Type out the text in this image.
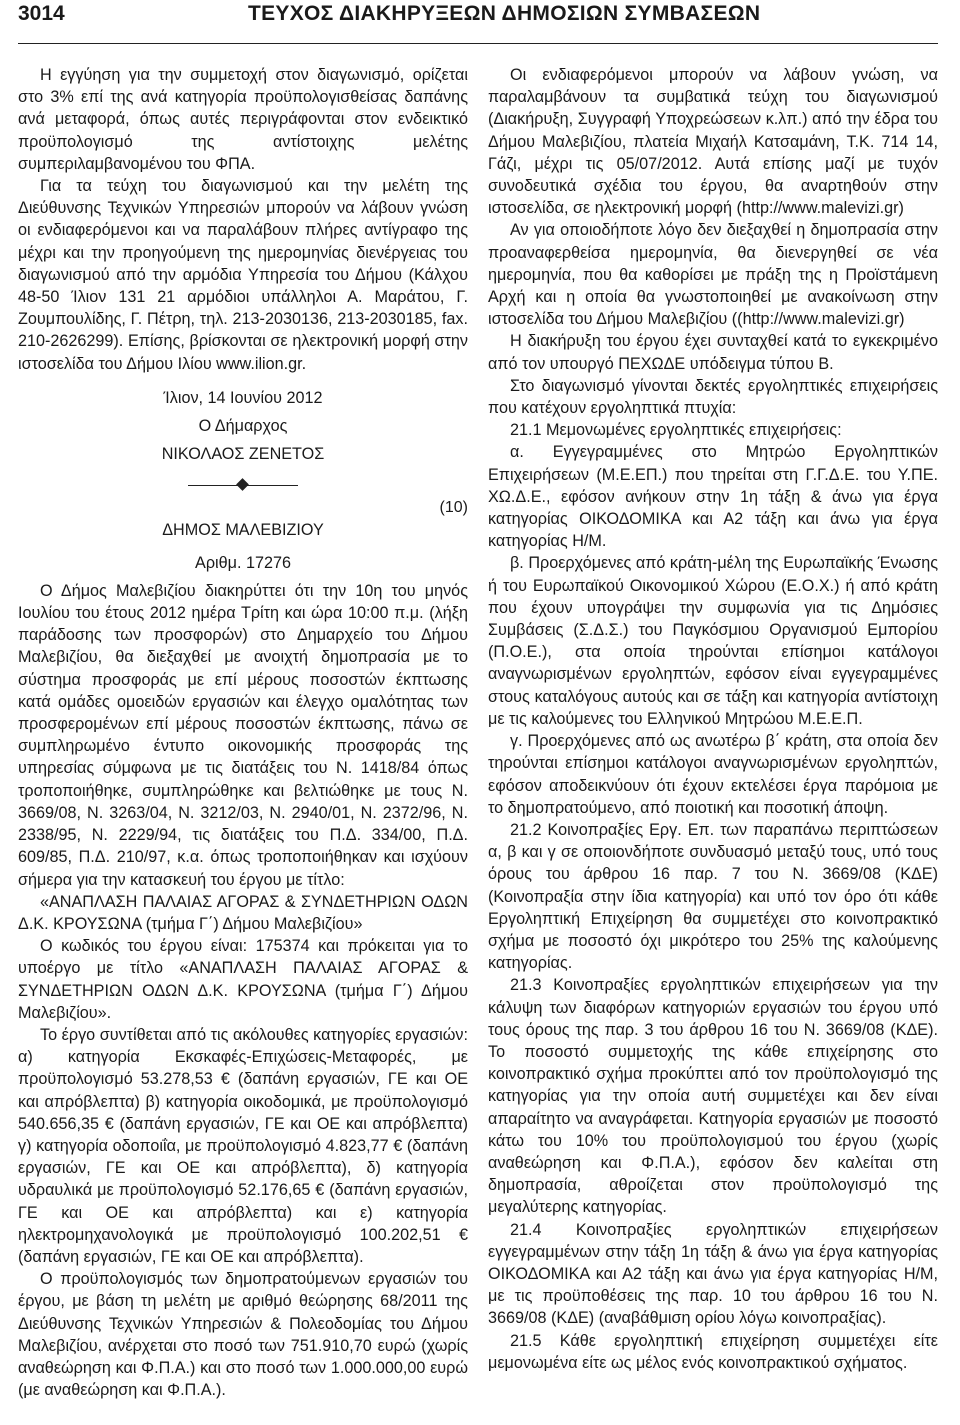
3014	ΤΕΥΧΟΣ ΔΙΑΚΗΡΥΞΕΩΝ ΔΗΜΟΣΙΩΝ ΣΥΜΒΑΣΕΩΝ

Η εγγύηση για την συμμετοχή στον διαγωνισμό, ορίζεται στο 3% επί της ανά κατηγορία προϋπολογισθείσας δαπάνης ανά μεταφορά, όπως αυτές περιγράφονται στον ενδεικτικό προϋπολογισμό της αντίστοιχης μελέτης συμπεριλαμβανομένου του ΦΠΑ.

Για τα τεύχη του διαγωνισμού και την μελέτη της Διεύθυνσης Τεχνικών Υπηρεσιών μπορούν να λάβουν γνώση οι ενδιαφερόμενοι και να παραλάβουν πλήρες αντίγραφο της μέχρι και την προηγούμενη της ημερομηνίας διενέργειας του διαγωνισμού από την αρμόδια Υπηρεσία του Δήμου (Κάλχου 48-50 Ίλιον 131 21 αρμόδιοι υπάλληλοι Α. Μαράτου, Γ. Ζουμπουλίδης, Γ. Πέτρη, τηλ. 213-2030136, 213-2030185, fax. 210-2626299). Επίσης, βρίσκονται σε ηλεκτρονική μορφή στην ιστοσελίδα του Δήμου Ιλίου www.ilion.gr.

Ίλιον, 14 Ιουνίου 2012

Ο Δήμαρχος

ΝΙΚΟΛΑΟΣ ΖΕΝΕΤΟΣ

(10)

ΔΗΜΟΣ ΜΑΛΕΒΙΖΙΟΥ

Αριθμ. 17276

Ο Δήμος Μαλεβιζίου διακηρύττει ότι την 10η του μηνός Ιουλίου του έτους 2012 ημέρα Τρίτη και ώρα 10:00 π.μ. (λήξη παράδοσης των προσφορών) στο Δημαρχείο του Δήμου Μαλεβιζίου, θα διεξαχθεί με ανοιχτή δημοπρασία με το σύστημα προσφοράς με επί μέρους ποσοστών έκπτωσης κατά ομάδες ομοειδών εργασιών και έλεγχο ομαλότητας των προσφερομένων επί μέρους ποσοστών έκπτωσης, πάνω σε συμπληρωμένο έντυπο οικονομικής προσφοράς της υπηρεσίας σύμφωνα με τις διατάξεις του Ν. 1418/84 όπως τροποποιήθηκε, συμπληρώθηκε και βελτιώθηκε με τους Ν. 3669/08, Ν. 3263/04, Ν. 3212/03, Ν. 2940/01, Ν. 2372/96, Ν. 2338/95, Ν. 2229/94, τις διατάξεις του Π.Δ. 334/00, Π.Δ. 609/85, Π.Δ. 210/97, κ.α. όπως τροποποιήθηκαν και ισχύουν σήμερα για την κατασκευή του έργου με τίτλο:

«ΑΝΑΠΛΑΣΗ ΠΑΛΑΙΑΣ ΑΓΟΡΑΣ & ΣΥΝΔΕΤΗΡΙΩΝ ΟΔΩΝ Δ.Κ. ΚΡΟΥΣΩΝΑ (τμήμα Γ΄) Δήμου Μαλεβιζίου»

Ο κωδικός του έργου είναι: 175374 και πρόκειται για το υποέργο με τίτλο «ΑΝΑΠΛΑΣΗ ΠΑΛΑΙΑΣ ΑΓΟΡΑΣ & ΣΥΝΔΕΤΗΡΙΩΝ ΟΔΩΝ Δ.Κ. ΚΡΟΥΣΩΝΑ (τμήμα Γ΄) Δήμου Μαλεβιζίου».

Το έργο συντίθεται από τις ακόλουθες κατηγορίες εργασιών: α) κατηγορία Εκσκαφές-Επιχώσεις-Μεταφορές, με προϋπολογισμό 53.278,53 € (δαπάνη εργασιών, ΓΕ και ΟΕ και απρόβλεπτα) β) κατηγορία οικοδομικά, με προϋπολογισμό 540.656,35 € (δαπάνη εργασιών, ΓΕ και ΟΕ και απρόβλεπτα) γ) κατηγορία οδοποιΐα, με προϋπολογισμό 4.823,77 € (δαπάνη εργασιών, ΓΕ και ΟΕ και απρόβλεπτα), δ) κατηγορία υδραυλικά με προϋπολογισμό 52.176,65 € (δαπάνη εργασιών, ΓΕ και ΟΕ και απρόβλεπτα) και ε) κατηγορία ηλεκτρομηχανολογικά με προϋπολογισμό 100.202,51 € (δαπάνη εργασιών, ΓΕ και ΟΕ και απρόβλεπτα).

Ο προϋπολογισμός των δημοπρατούμενων εργασιών του έργου, με βάση τη μελέτη με αριθμό θεώρησης 68/2011 της Διεύθυνσης Τεχνικών Υπηρεσιών & Πολεοδομίας του Δήμου Μαλεβιζίου, ανέρχεται στο ποσό των 751.910,70 ευρώ (χωρίς αναθεώρηση και Φ.Π.Α.) και στο ποσό των 1.000.000,00 ευρώ (με αναθεώρηση και Φ.Π.Α.).

Οι ενδιαφερόμενοι μπορούν να λάβουν γνώση, να παραλαμβάνουν τα συμβατικά τεύχη του διαγωνισμού (Διακήρυξη, Συγγραφή Υποχρεώσεων κ.λπ.) από την έδρα του Δήμου Μαλεβιζίου, πλατεία Μιχαήλ Κατσαμάνη, Τ.Κ. 714 14, Γάζι, μέχρι τις 05/07/2012. Αυτά επίσης μαζί με τυχόν συνοδευτικά σχέδια του έργου, θα αναρτηθούν στην ιστοσελίδα, σε ηλεκτρονική μορφή (http://www.malevizi.gr)

Αν για οποιοδήποτε λόγο δεν διεξαχθεί η δημοπρασία στην προαναφερθείσα ημερομηνία, θα διενεργηθεί σε νέα ημερομηνία, που θα καθορίσει με πράξη της η Προϊστάμενη Αρχή και η οποία θα γνωστοποιηθεί με ανακοίνωση στην ιστοσελίδα του Δήμου Μαλεβιζίου ((http://www.malevizi.gr)

Η διακήρυξη του έργου έχει συνταχθεί κατά το εγκεκριμένο από τον υπουργό ΠΕΧΩΔΕ υπόδειγμα τύπου Β.

Στο διαγωνισμό γίνονται δεκτές εργοληπτικές επιχειρήσεις που κατέχουν εργοληπτικά πτυχία:

21.1 Μεμονωμένες εργοληπτικές επιχειρήσεις:

α. Εγγεγραμμένες στο Μητρώο Εργοληπτικών Επιχειρήσεων (Μ.Ε.ΕΠ.) που τηρείται στη Γ.Γ.Δ.Ε. του Υ.ΠΕ. ΧΩ.Δ.Ε., εφόσον ανήκουν στην 1η τάξη & άνω για έργα κατηγορίας ΟΙΚΟΔΟΜΙΚΑ και Α2 τάξη και άνω για έργα κατηγορίας Η/Μ.

β. Προερχόμενες από κράτη-μέλη της Ευρωπαϊκής Ένωσης ή του Ευρωπαϊκού Οικονομικού Χώρου (Ε.Ο.Χ.) ή από κράτη που έχουν υπογράψει την συμφωνία για τις Δημόσιες Συμβάσεις (Σ.Δ.Σ.) του Παγκόσμιου Οργανισμού Εμπορίου (Π.Ο.Ε.), στα οποία τηρούνται επίσημοι κατάλογοι αναγνωρισμένων εργοληπτών, εφόσον είναι εγγεγραμμένες στους καταλόγους αυτούς και σε τάξη και κατηγορία αντίστοιχη με τις καλούμενες του Ελληνικού Μητρώου Μ.Ε.Ε.Π.

γ. Προερχόμενες από ως ανωτέρω β΄ κράτη, στα οποία δεν τηρούνται επίσημοι κατάλογοι αναγνωρισμένων εργοληπτών, εφόσον αποδεικνύουν ότι έχουν εκτελέσει έργα παρόμοια με το δημοπρατούμενο, από ποιοτική και ποσοτική άποψη.

21.2 Κοινοπραξίες Εργ. Επ. των παραπάνω περιπτώσεων α, β και γ σε οποιονδήποτε συνδυασμό μεταξύ τους, υπό τους όρους του άρθρου 16 παρ. 7 του Ν. 3669/08 (ΚΔΕ) (Κοινοπραξία στην ίδια κατηγορία) και υπό τον όρο ότι κάθε Εργοληπτική Επιχείρηση θα συμμετέχει στο κοινοπρακτικό σχήμα με ποσοστό όχι μικρότερο του 25% της καλούμενης κατηγορίας.

21.3 Κοινοπραξίες εργοληπτικών επιχειρήσεων για την κάλυψη των διαφόρων κατηγοριών εργασιών του έργου υπό τους όρους της παρ. 3 του άρθρου 16 του Ν. 3669/08 (ΚΔΕ). Το ποσοστό συμμετοχής της κάθε επιχείρησης στο κοινοπρακτικό σχήμα προκύπτει από τον προϋπολογισμό της κατηγορίας για την οποία αυτή συμμετέχει και δεν είναι απαραίτητο να αναγράφεται. Κατηγορία εργασιών με ποσοστό κάτω του 10% του προϋπολογισμού του έργου (χωρίς αναθεώρηση και Φ.Π.Α.), εφόσον δεν καλείται στη δημοπρασία, αθροίζεται στον προϋπολογισμό της μεγαλύτερης κατηγορίας.

21.4 Κοινοπραξίες εργοληπτικών επιχειρήσεων εγγεγραμμένων στην τάξη 1η τάξη & άνω για έργα κατηγορίας ΟΙΚΟΔΟΜΙΚΑ και Α2 τάξη και άνω για έργα κατηγορίας Η/Μ, με τις προϋποθέσεις της παρ. 10 του άρθρου 16 του Ν. 3669/08 (ΚΔΕ) (αναβάθμιση ορίου λόγω κοινοπραξίας).

21.5 Κάθε εργοληπτική επιχείρηση συμμετέχει είτε μεμονωμένα είτε ως μέλος ενός κοινοπρακτικού σχήματος.
